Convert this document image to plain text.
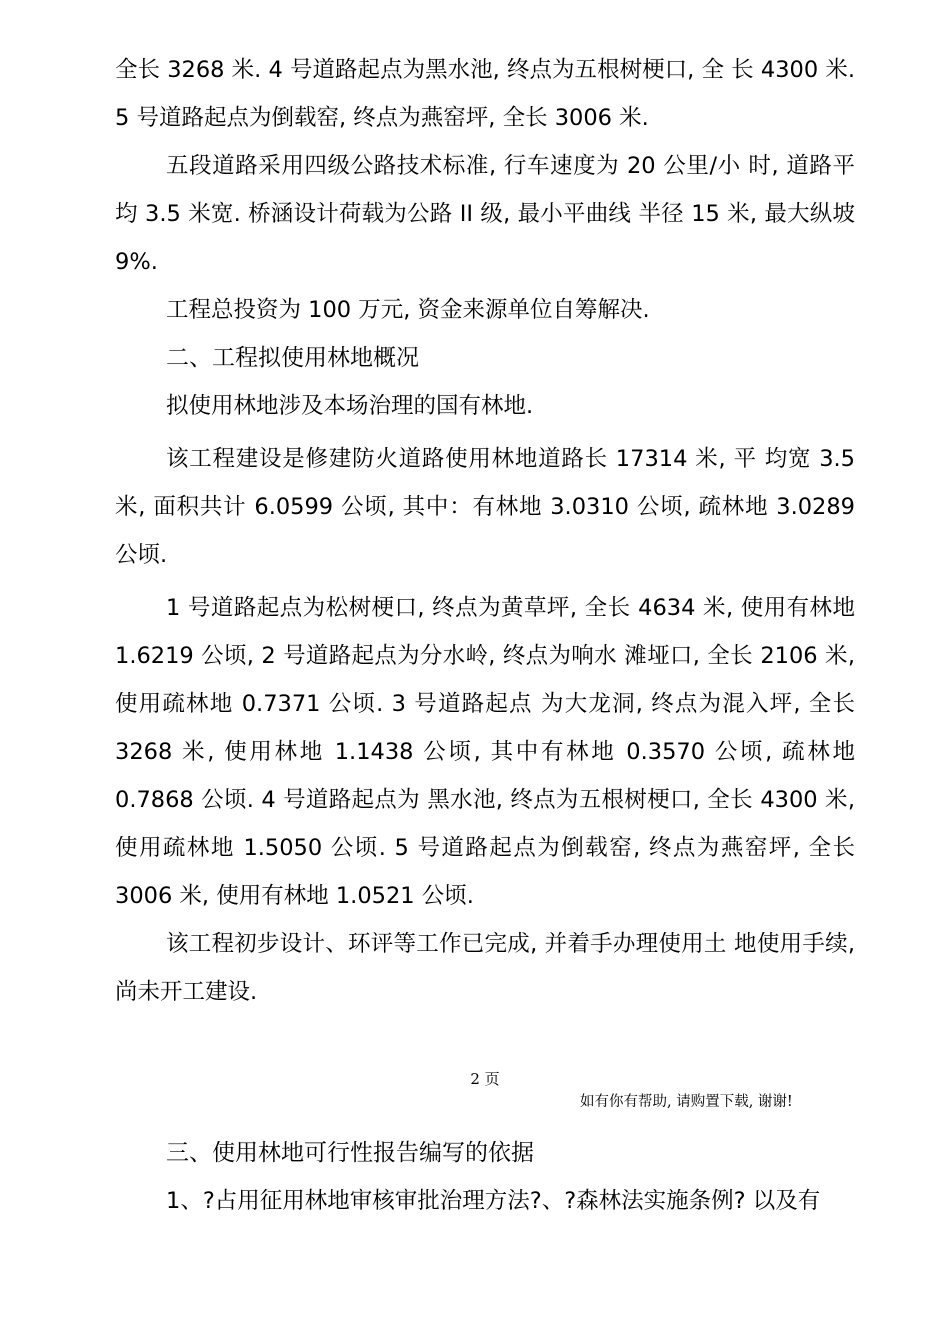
全长 3268 米. 4 号道路起点为黑水池, 终点为五根树梗口, 全 长 4300 米. 5 号道路起点为倒载窑, 终点为燕窑坪, 全长 3006 米.

五段道路采用四级公路技术标准, 行车速度为 20 公里/小 时, 道路平均 3.5 米宽. 桥涵设计荷载为公路 II 级, 最小平曲线 半径 15 米, 最大纵坡 9%.

工程总投资为 100 万元, 资金来源单位自筹解决.

二、工程拟使用林地概况

拟使用林地涉及本场治理的国有林地.

该工程建设是修建防火道路使用林地道路长 17314 米, 平 均宽 3.5 米, 面积共计 6.0599 公顷, 其中：有林地 3.0310 公顷, 疏林地 3.0289 公顷.

1 号道路起点为松树梗口, 终点为黄草坪, 全长 4634 米, 使用有林地 1.6219 公顷, 2 号道路起点为分水岭, 终点为响水 滩垭口, 全长 2106 米, 使用疏林地 0.7371 公顷. 3 号道路起点 为大龙洞, 终点为混入坪, 全长 3268 米, 使用林地 1.1438 公顷, 其中有林地 0.3570 公顷, 疏林地 0.7868 公顷. 4 号道路起点为 黑水池, 终点为五根树梗口, 全长 4300 米, 使用疏林地 1.5050 公顷. 5 号道路起点为倒载窑, 终点为燕窑坪, 全长 3006 米, 使用有林地 1.0521 公顷.

该工程初步设计、环评等工作已完成, 并着手办理使用土 地使用手续, 尚未开工建设.

2 页
如有你有帮助, 请购置下载, 谢谢!

三、使用林地可行性报告编写的依据

1、?占用征用林地审核审批治理方法?、?森林法实施条例? 以及有
